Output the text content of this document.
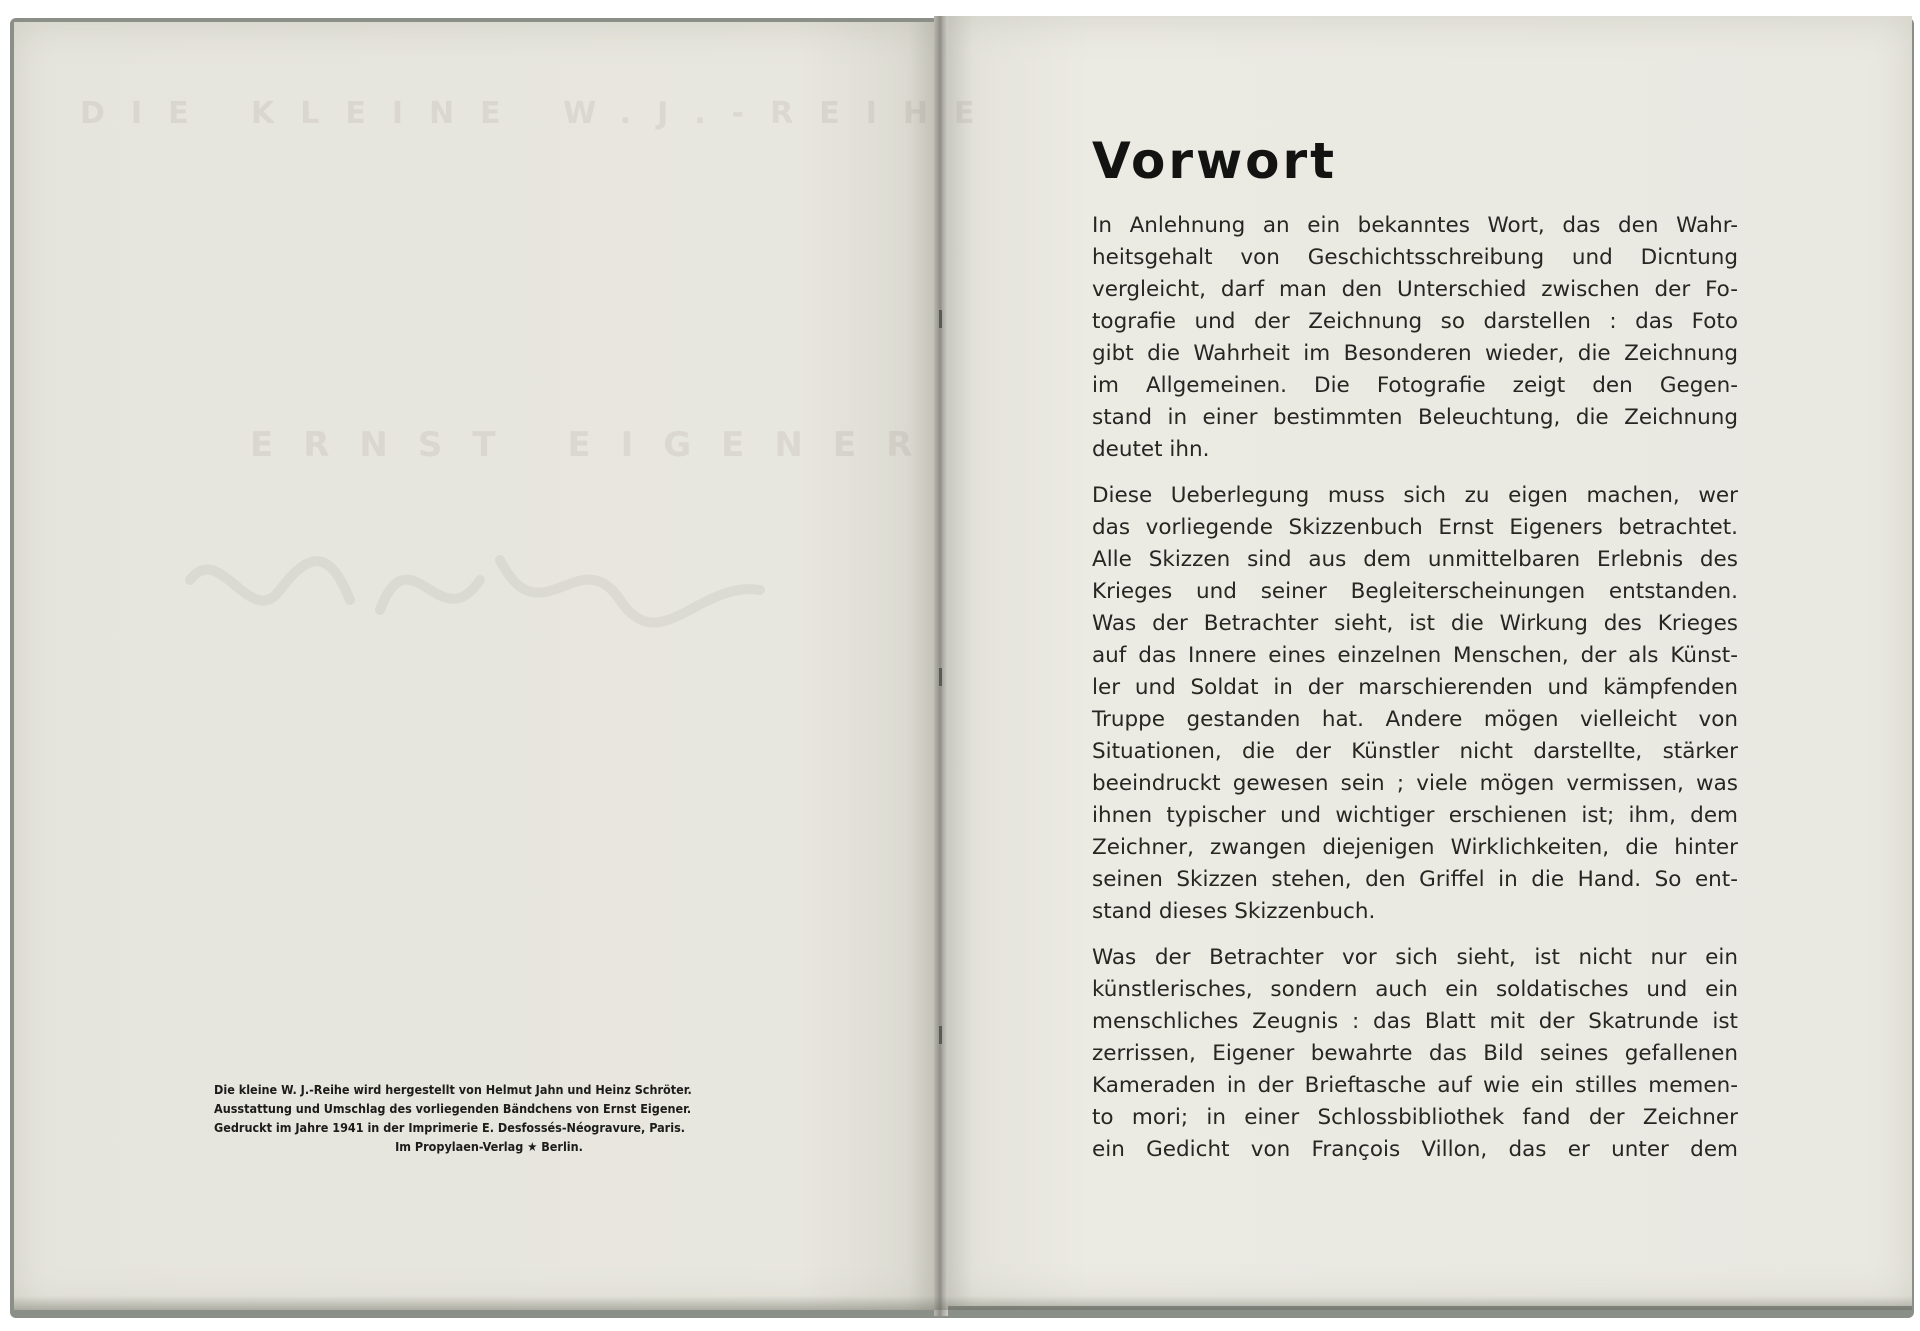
DIE KLEINE W.J.-REIHE
ERNST EIGENER
Die kleine W. J.-Reihe wird hergestellt von Helmut Jahn und Heinz Schröter.
Ausstattung und Umschlag des vorliegenden Bändchens von Ernst Eigener.
Gedruckt im Jahre 1941 in der Imprimerie E. Desfossés-Néogravure, Paris.
Im Propylaen-Verlag ★ Berlin.
Vorwort
In Anlehnung an ein bekanntes Wort, das den Wahr-
heitsgehalt von Geschichtsschreibung und Dicntung
vergleicht, darf man den Unterschied zwischen der Fo-
tografie und der Zeichnung so darstellen : das Foto
gibt die Wahrheit im Besonderen wieder, die Zeichnung
im Allgemeinen. Die Fotografie zeigt den Gegen-
stand in einer bestimmten Beleuchtung, die Zeichnung
deutet ihn.
Diese Ueberlegung muss sich zu eigen machen, wer
das vorliegende Skizzenbuch Ernst Eigeners betrachtet.
Alle Skizzen sind aus dem unmittelbaren Erlebnis des
Krieges und seiner Begleiterscheinungen entstanden.
Was der Betrachter sieht, ist die Wirkung des Krieges
auf das Innere eines einzelnen Menschen, der als Künst-
ler und Soldat in der marschierenden und kämpfenden
Truppe gestanden hat. Andere mögen vielleicht von
Situationen, die der Künstler nicht darstellte, stärker
beeindruckt gewesen sein ; viele mögen vermissen, was
ihnen typischer und wichtiger erschienen ist; ihm, dem
Zeichner, zwangen diejenigen Wirklichkeiten, die hinter
seinen Skizzen stehen, den Griffel in die Hand. So ent-
stand dieses Skizzenbuch.
Was der Betrachter vor sich sieht, ist nicht nur ein
künstlerisches, sondern auch ein soldatisches und ein
menschliches Zeugnis : das Blatt mit der Skatrunde ist
zerrissen, Eigener bewahrte das Bild seines gefallenen
Kameraden in der Brieftasche auf wie ein stilles memen-
to mori; in einer Schlossbibliothek fand der Zeichner
ein Gedicht von François Villon, das er unter dem
